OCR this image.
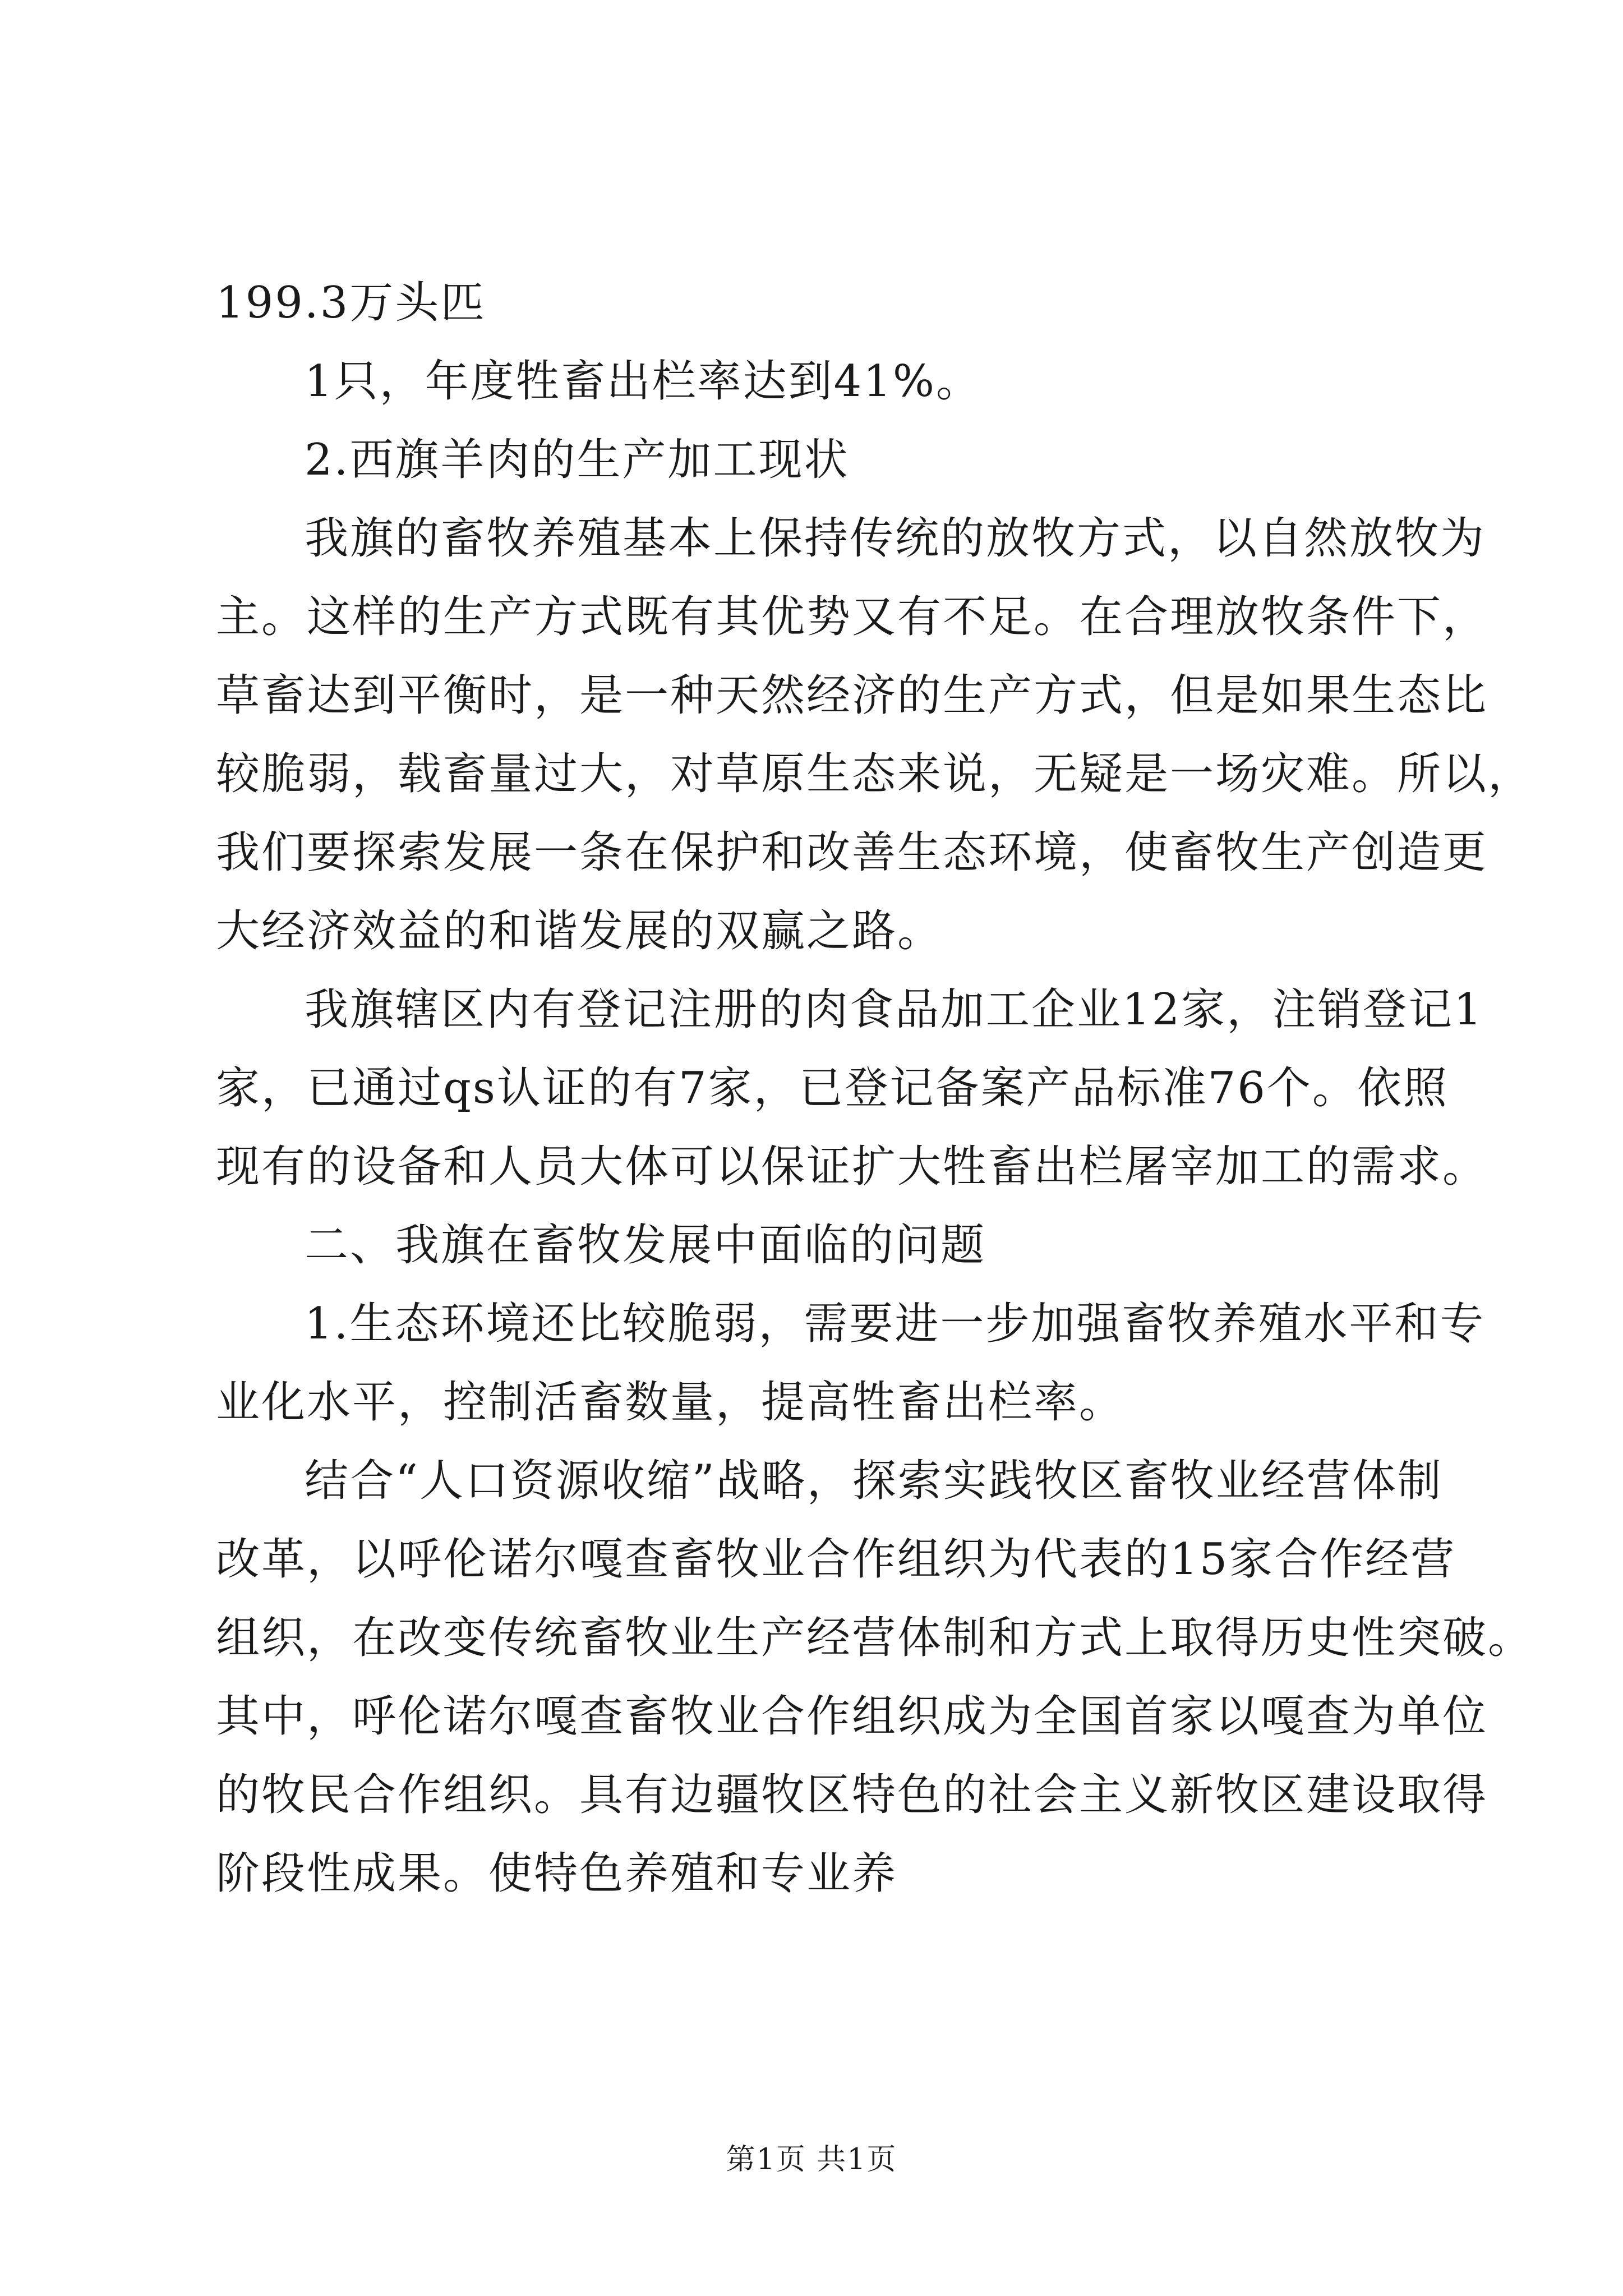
199.3万头匹
1只，年度牲畜出栏率达到41%。
2.西旗羊肉的生产加工现状
我旗的畜牧养殖基本上保持传统的放牧方式，以自然放牧为
主。这样的生产方式既有其优势又有不足。在合理放牧条件下，
草畜达到平衡时，是一种天然经济的生产方式，但是如果生态比
较脆弱，载畜量过大，对草原生态来说，无疑是一场灾难。所以，
我们要探索发展一条在保护和改善生态环境，使畜牧生产创造更
大经济效益的和谐发展的双赢之路。
我旗辖区内有登记注册的肉食品加工企业12家，注销登记1
家，已通过qs认证的有7家，已登记备案产品标准76个。依照
现有的设备和人员大体可以保证扩大牲畜出栏屠宰加工的需求。
二、我旗在畜牧发展中面临的问题
1.生态环境还比较脆弱，需要进一步加强畜牧养殖水平和专
业化水平，控制活畜数量，提高牲畜出栏率。
结合“人口资源收缩”战略，探索实践牧区畜牧业经营体制
改革，以呼伦诺尔嘎查畜牧业合作组织为代表的15家合作经营
组织，在改变传统畜牧业生产经营体制和方式上取得历史性突破。
其中，呼伦诺尔嘎查畜牧业合作组织成为全国首家以嘎查为单位
的牧民合作组织。具有边疆牧区特色的社会主义新牧区建设取得
阶段性成果。使特色养殖和专业养
第1页 共1页
